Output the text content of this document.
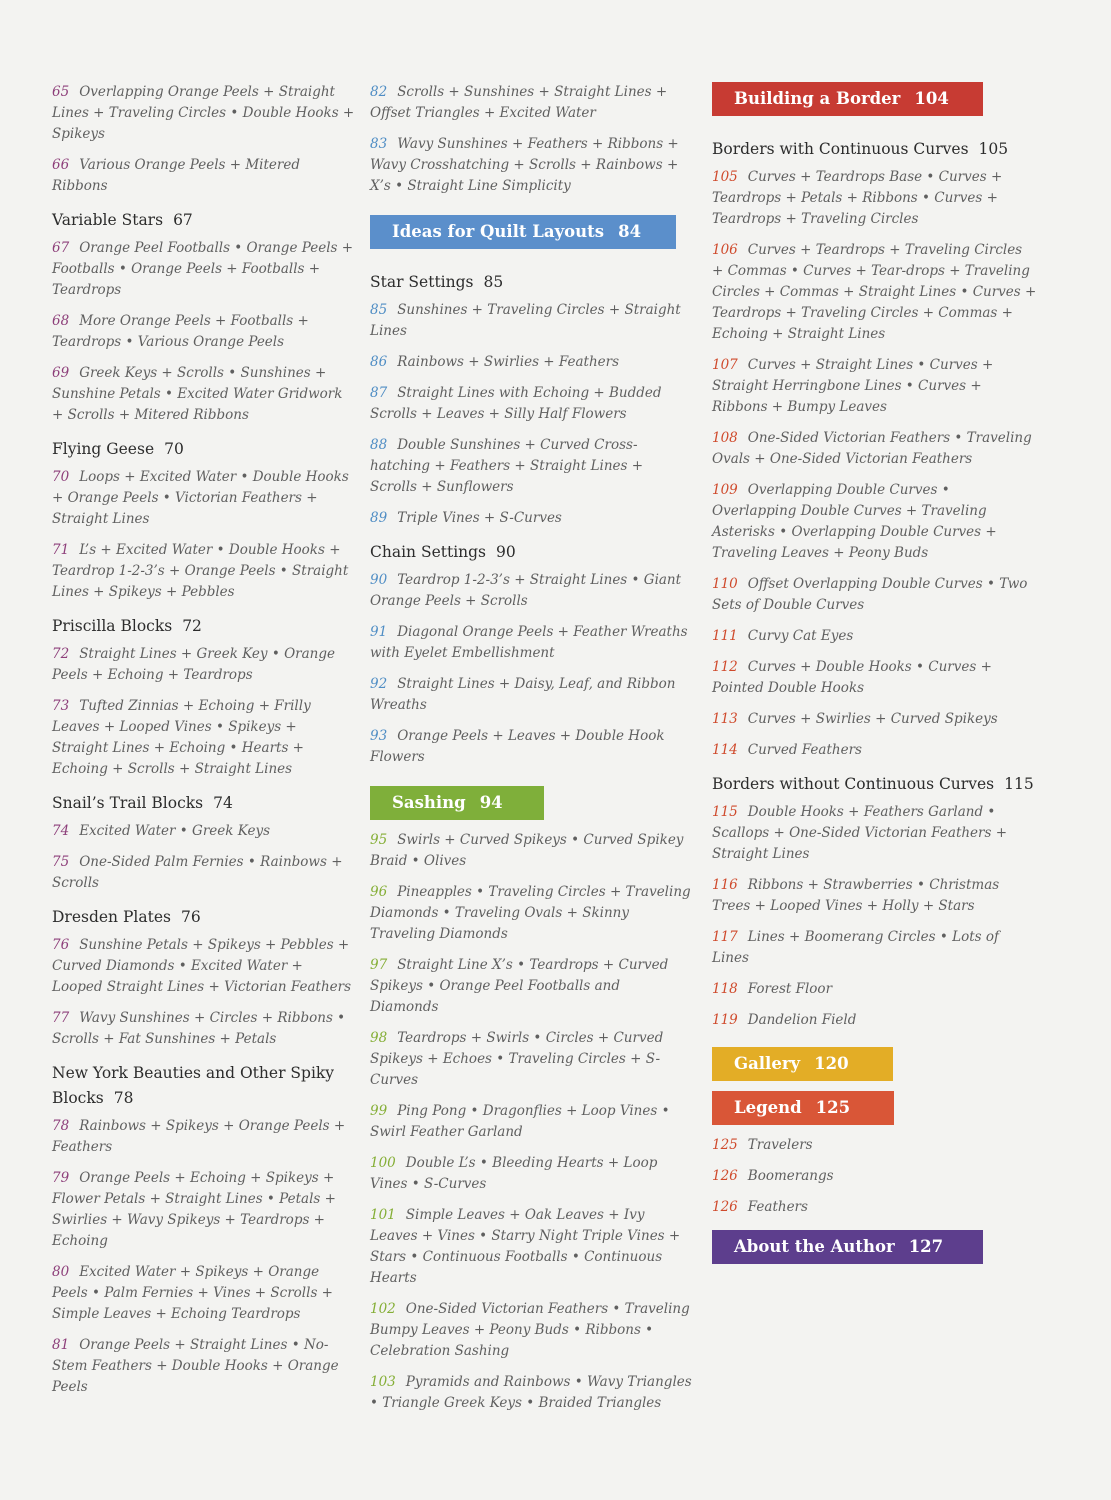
65 Overlapping Orange Peels + Straight Lines + Traveling Circles • Double Hooks + Spikeys
66 Various Orange Peels + Mitered Ribbons
Variable Stars 67
67 Orange Peel Footballs • Orange Peels + Footballs • Orange Peels + Footballs + Teardrops
68 More Orange Peels + Footballs + Teardrops • Various Orange Peels
69 Greek Keys + Scrolls • Sunshines + Sunshine Petals • Excited Water Gridwork + Scrolls + Mitered Ribbons
Flying Geese 70
70 Loops + Excited Water • Double Hooks + Orange Peels • Victorian Feathers + Straight Lines
71 L’s + Excited Water • Double Hooks + Teardrop 1-2-3’s + Orange Peels • Straight Lines + Spikeys + Pebbles
Priscilla Blocks 72
72 Straight Lines + Greek Key • Orange Peels + Echoing + Teardrops
73 Tufted Zinnias + Echoing + Frilly Leaves + Looped Vines • Spikeys + Straight Lines + Echoing • Hearts + Echoing + Scrolls + Straight Lines
Snail’s Trail Blocks 74
74 Excited Water • Greek Keys
75 One-Sided Palm Fernies • Rainbows + Scrolls
Dresden Plates 76
76 Sunshine Petals + Spikeys + Pebbles + Curved Diamonds • Excited Water + Looped Straight Lines + Victorian Feathers
77 Wavy Sunshines + Circles + Ribbons • Scrolls + Fat Sunshines + Petals
New York Beauties and Other Spiky Blocks 78
78 Rainbows + Spikeys + Orange Peels + Feathers
79 Orange Peels + Echoing + Spikeys + Flower Petals + Straight Lines • Petals + Swirlies + Wavy Spikeys + Teardrops + Echoing
80 Excited Water + Spikeys + Orange Peels • Palm Fernies + Vines + Scrolls + Simple Leaves + Echoing Teardrops
81 Orange Peels + Straight Lines • No-Stem Feathers + Double Hooks + Orange Peels
82 Scrolls + Sunshines + Straight Lines + Offset Triangles + Excited Water
83 Wavy Sunshines + Feathers + Ribbons + Wavy Crosshatching + Scrolls + Rainbows + X’s • Straight Line Simplicity
Ideas for Quilt Layouts 84
Star Settings 85
85 Sunshines + Traveling Circles + Straight Lines
86 Rainbows + Swirlies + Feathers
87 Straight Lines with Echoing + Budded Scrolls + Leaves + Silly Half Flowers
88 Double Sunshines + Curved Cross-hatching + Feathers + Straight Lines + Scrolls + Sunflowers
89 Triple Vines + S-Curves
Chain Settings 90
90 Teardrop 1-2-3’s + Straight Lines • Giant Orange Peels + Scrolls
91 Diagonal Orange Peels + Feather Wreaths with Eyelet Embellishment
92 Straight Lines + Daisy, Leaf, and Ribbon Wreaths
93 Orange Peels + Leaves + Double Hook Flowers
Sashing 94
95 Swirls + Curved Spikeys • Curved Spikey Braid • Olives
96 Pineapples • Traveling Circles + Traveling Diamonds • Traveling Ovals + Skinny Traveling Diamonds
97 Straight Line X’s • Teardrops + Curved Spikeys • Orange Peel Footballs and Diamonds
98 Teardrops + Swirls • Circles + Curved Spikeys + Echoes • Traveling Circles + S-Curves
99 Ping Pong • Dragonflies + Loop Vines • Swirl Feather Garland
100 Double L’s • Bleeding Hearts + Loop Vines • S-Curves
101 Simple Leaves + Oak Leaves + Ivy Leaves + Vines • Starry Night Triple Vines + Stars • Continuous Footballs • Continuous Hearts
102 One-Sided Victorian Feathers • Traveling Bumpy Leaves + Peony Buds • Ribbons • Celebration Sashing
103 Pyramids and Rainbows • Wavy Triangles • Triangle Greek Keys • Braided Triangles
Building a Border 104
Borders with Continuous Curves 105
105 Curves + Teardrops Base • Curves + Teardrops + Petals + Ribbons • Curves + Teardrops + Traveling Circles
106 Curves + Teardrops + Traveling Circles + Commas • Curves + Tear-drops + Traveling Circles + Commas + Straight Lines • Curves + Teardrops + Traveling Circles + Commas + Echoing + Straight Lines
107 Curves + Straight Lines • Curves + Straight Herringbone Lines • Curves + Ribbons + Bumpy Leaves
108 One-Sided Victorian Feathers • Traveling Ovals + One-Sided Victorian Feathers
109 Overlapping Double Curves • Overlapping Double Curves + Traveling Asterisks • Overlapping Double Curves + Traveling Leaves + Peony Buds
110 Offset Overlapping Double Curves • Two Sets of Double Curves
111 Curvy Cat Eyes
112 Curves + Double Hooks • Curves + Pointed Double Hooks
113 Curves + Swirlies + Curved Spikeys
114 Curved Feathers
Borders without Continuous Curves 115
115 Double Hooks + Feathers Garland • Scallops + One-Sided Victorian Feathers + Straight Lines
116 Ribbons + Strawberries • Christmas Trees + Looped Vines + Holly + Stars
117 Lines + Boomerang Circles • Lots of Lines
118 Forest Floor
119 Dandelion Field
Gallery 120
Legend 125
125 Travelers
126 Boomerangs
126 Feathers
About the Author 127
